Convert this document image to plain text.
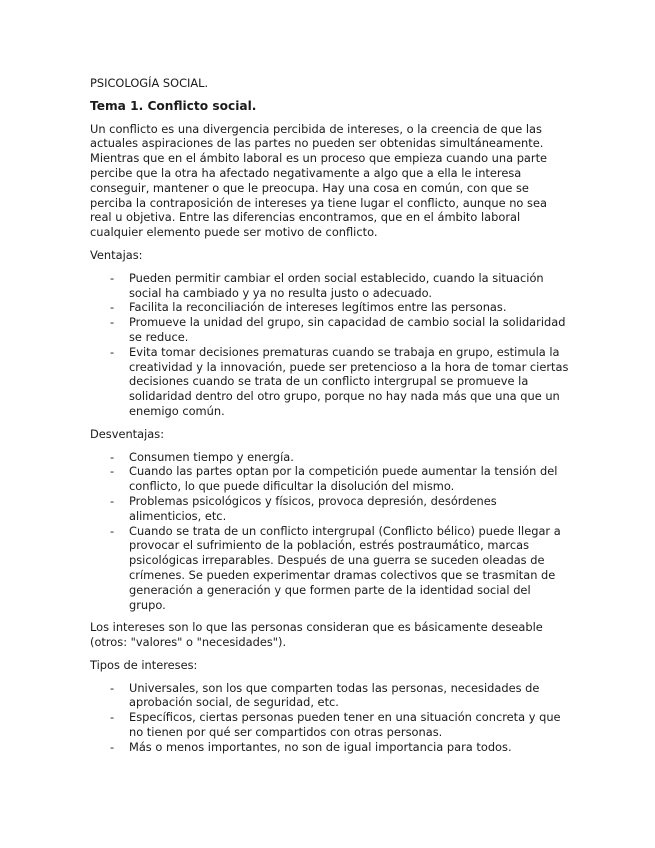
PSICOLOGÍA SOCIAL.
Tema 1. Conflicto social.

Un conflicto es una divergencia percibida de intereses, o la creencia de que las actuales aspiraciones de las partes no pueden ser obtenidas simultáneamente. Mientras que en el ámbito laboral es un proceso que empieza cuando una parte percibe que la otra ha afectado negativamente a algo que a ella le interesa conseguir, mantener o que le preocupa. Hay una cosa en común, con que se perciba la contraposición de intereses ya tiene lugar el conflicto, aunque no sea real u objetiva. Entre las diferencias encontramos, que en el ámbito laboral cualquier elemento puede ser motivo de conflicto.

Ventajas:

- Pueden permitir cambiar el orden social establecido, cuando la situación social ha cambiado y ya no resulta justo o adecuado.
- Facilita la reconciliación de intereses legítimos entre las personas.
- Promueve la unidad del grupo, sin capacidad de cambio social la solidaridad se reduce.
- Evita tomar decisiones prematuras cuando se trabaja en grupo, estimula la creatividad y la innovación, puede ser pretencioso a la hora de tomar ciertas decisiones cuando se trata de un conflicto intergrupal se promueve la solidaridad dentro del otro grupo, porque no hay nada más que una que un enemigo común.

Desventajas:

- Consumen tiempo y energía.
- Cuando las partes optan por la competición puede aumentar la tensión del conflicto, lo que puede dificultar la disolución del mismo.
- Problemas psicológicos y físicos, provoca depresión, desórdenes alimenticios, etc.
- Cuando se trata de un conflicto intergrupal (Conflicto bélico) puede llegar a provocar el sufrimiento de la población, estrés postraumático, marcas psicológicas irreparables. Después de una guerra se suceden oleadas de crímenes. Se pueden experimentar dramas colectivos que se trasmitan de generación a generación y que formen parte de la identidad social del grupo.

Los intereses son lo que las personas consideran que es básicamente deseable (otros: "valores" o "necesidades").

Tipos de intereses:

- Universales, son los que comparten todas las personas, necesidades de aprobación social, de seguridad, etc.
- Específicos, ciertas personas pueden tener en una situación concreta y que no tienen por qué ser compartidos con otras personas.
- Más o menos importantes, no son de igual importancia para todos.
